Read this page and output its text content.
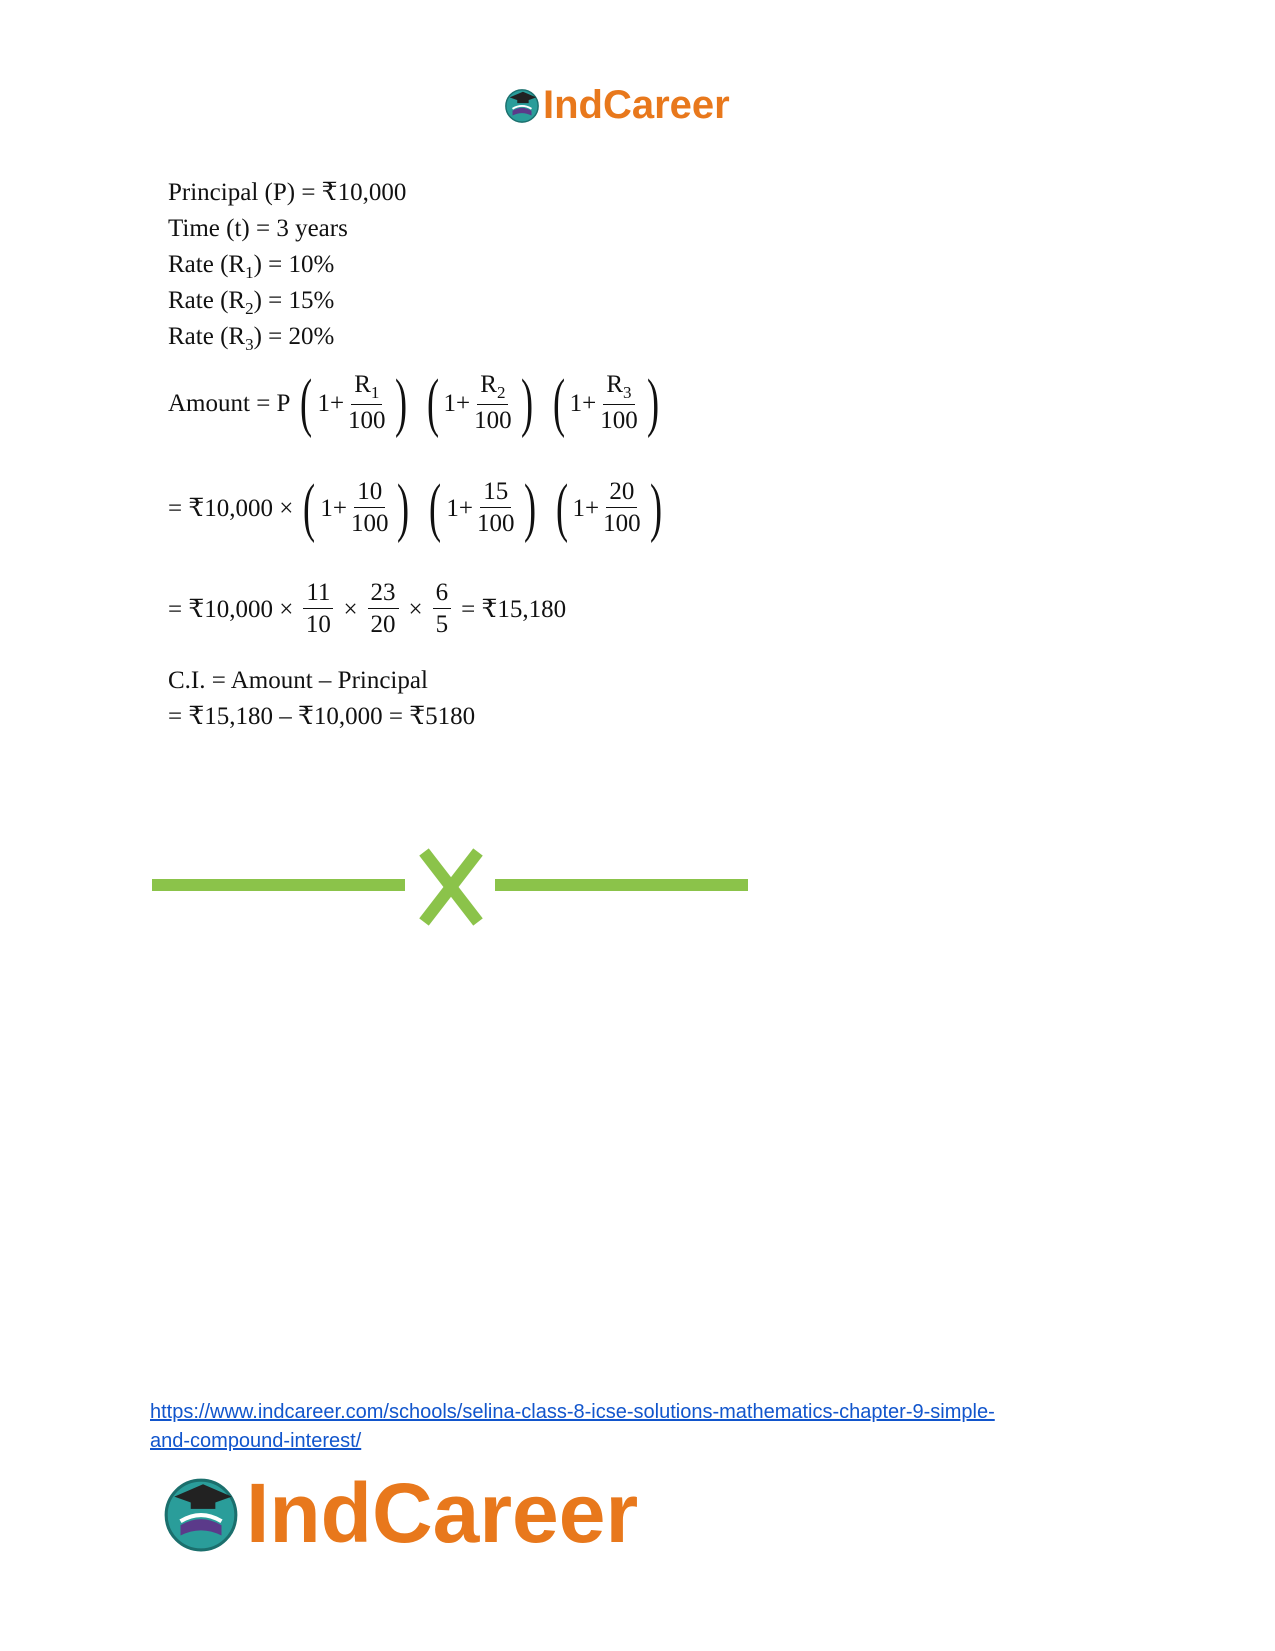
IndCareer
Principal (P) = ₹10,000
Time (t) = 3 years
Rate $(R_1) = 10\%$
Rate $(R_2) = 15\%$
Rate $(R_3) = 20\%$
Amount = P ( $1 + \frac{R_1}{100}$ ) ( $1 + \frac{R_2}{100}$ ) ( $1 + \frac{R_3}{100}$ )
= ₹10,000 × ( $1 + \frac{10}{100}$ ) ( $1 + \frac{15}{100}$ ) ( $1 + \frac{20}{100}$ )
= ₹10,000 × $\frac{11}{10} \times \frac{23}{20} \times \frac{6}{5}$ = ₹15,180
C.I. = Amount – Principal
= ₹15,180 – ₹10,000 = ₹5180
https://www.indcareer.com/schools/selina-class-8-icse-solutions-mathematics-chapter-9-simple-
and-compound-interest/
IndCareer
